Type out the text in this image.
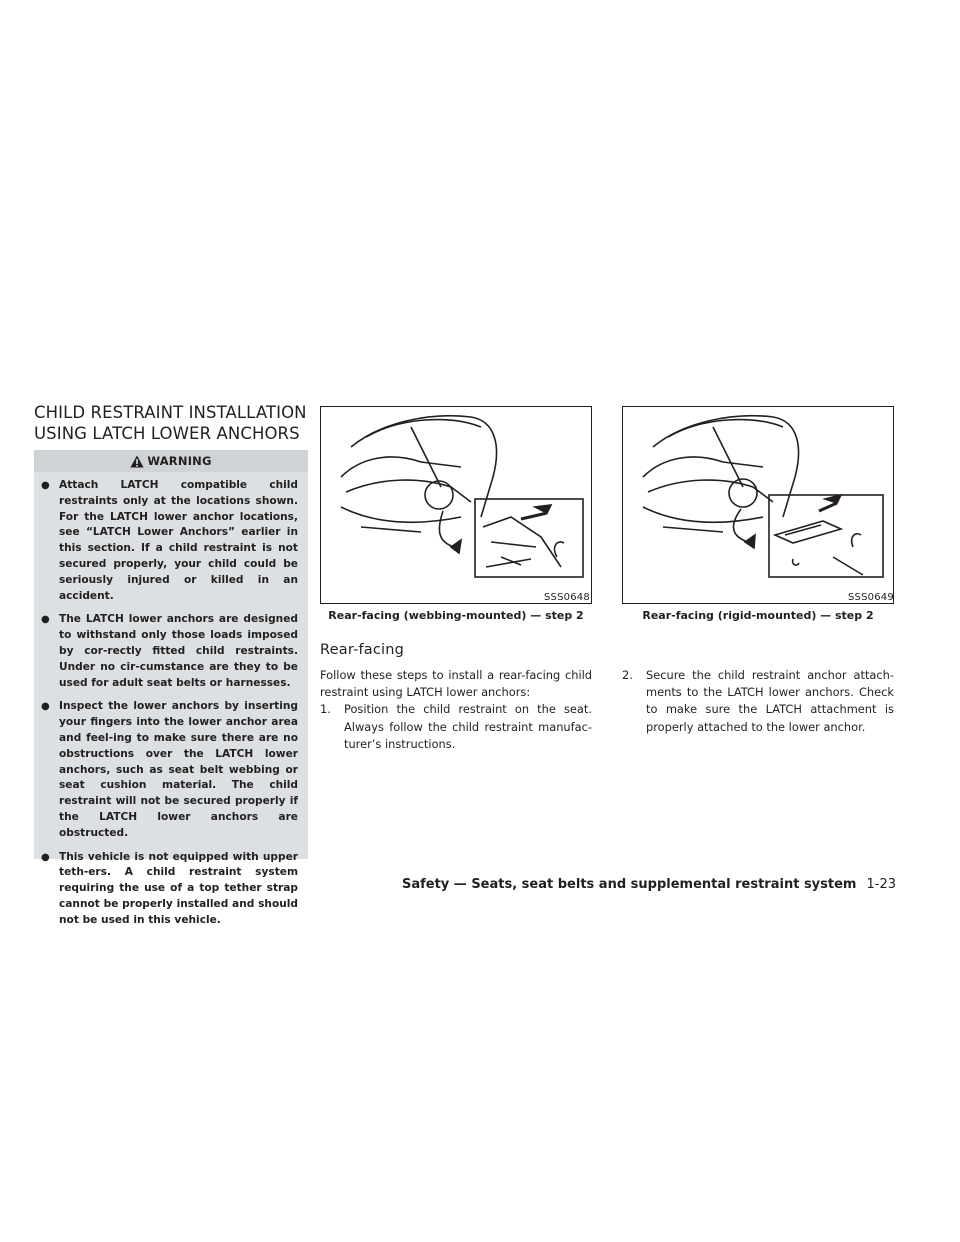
CHILD RESTRAINT INSTALLATION
USING LATCH LOWER ANCHORS
WARNING
● Attach LATCH compatible child restraints only at the locations shown. For the LATCH lower anchor locations, see “LATCH Lower Anchors” earlier in this section. If a child restraint is not secured properly, your child could be seriously injured or killed in an accident.
● The LATCH lower anchors are designed to withstand only those loads imposed by cor-rectly fitted child restraints. Under no cir-cumstance are they to be used for adult seat belts or harnesses.
● Inspect the lower anchors by inserting your fingers into the lower anchor area and feel-ing to make sure there are no obstructions over the LATCH lower anchors, such as seat belt webbing or seat cushion material. The child restraint will not be secured properly if the LATCH lower anchors are obstructed.
● This vehicle is not equipped with upper teth-ers. A child restraint system requiring the use of a top tether strap cannot be properly installed and should not be used in this vehicle.
SSS0648
Rear-facing (webbing-mounted) — step 2
SSS0649
Rear-facing (rigid-mounted) — step 2
Rear-facing
Follow these steps to install a rear-facing child restraint using LATCH lower anchors:
1. Position the child restraint on the seat. Always follow the child restraint manufac-turer’s instructions.
2. Secure the child restraint anchor attach-ments to the LATCH lower anchors. Check to make sure the LATCH attachment is properly attached to the lower anchor.
Safety — Seats, seat belts and supplemental restraint system 1-23
